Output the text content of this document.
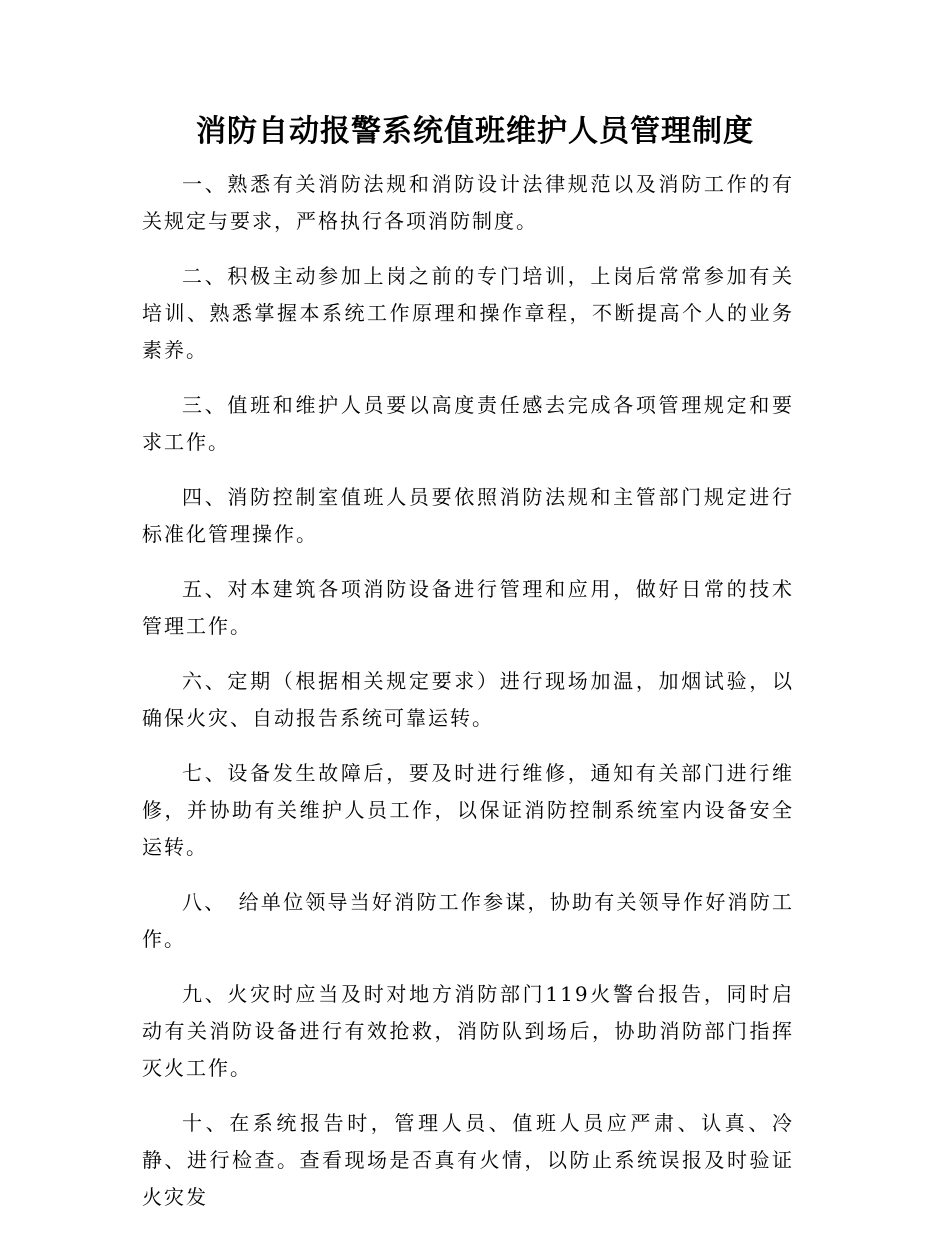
消防自动报警系统值班维护人员管理制度

一、熟悉有关消防法规和消防设计法律规范以及消防工作的有关规定与要求，严格执行各项消防制度。

二、积极主动参加上岗之前的专门培训，上岗后常常参加有关培训、熟悉掌握本系统工作原理和操作章程，不断提高个人的业务素养。

三、值班和维护人员要以高度责任感去完成各项管理规定和要求工作。

四、消防控制室值班人员要依照消防法规和主管部门规定进行标准化管理操作。

五、对本建筑各项消防设备进行管理和应用，做好日常的技术管理工作。

六、定期（根据相关规定要求）进行现场加温，加烟试验，以确保火灾、自动报告系统可靠运转。

七、设备发生故障后，要及时进行维修，通知有关部门进行维修，并协助有关维护人员工作，以保证消防控制系统室内设备安全运转。

八、　给单位领导当好消防工作参谋，协助有关领导作好消防工作。

九、火灾时应当及时对地方消防部门119火警台报告，同时启动有关消防设备进行有效抢救，消防队到场后，协助消防部门指挥灭火工作。

十、在系统报告时，管理人员、值班人员应严肃、认真、冷静、进行检查。查看现场是否真有火情，以防止系统误报及时验证火灾发
